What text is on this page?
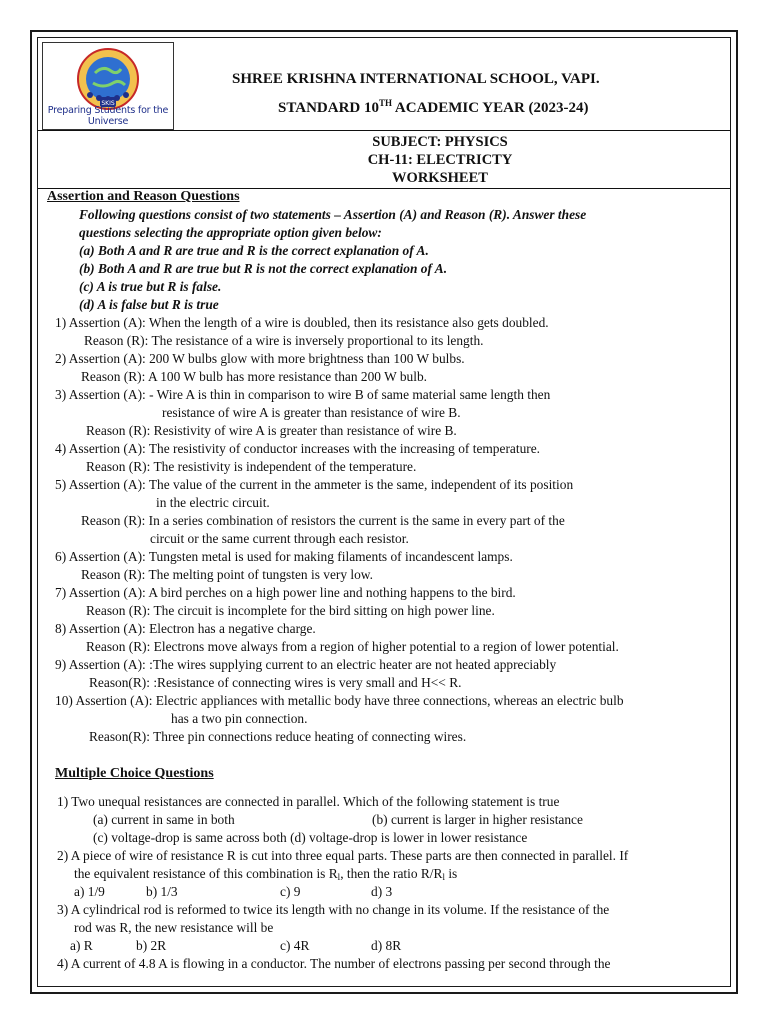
SKIS
Preparing Students for the Universe
SHREE KRISHNA INTERNATIONAL SCHOOL, VAPI.
STANDARD 10TH ACADEMIC YEAR (2023-24)
SUBJECT: PHYSICS
CH-11: ELECTRICTY
WORKSHEET
Assertion and Reason Questions
Following questions consist of two statements – Assertion (A) and Reason (R). Answer these
questions selecting the appropriate option given below:
(a) Both A and R are true and R is the correct explanation of A.
(b) Both A and R are true but R is not the correct explanation of A.
(c) A is true but R is false.
(d) A is false but R is true
1) Assertion (A): When the length of a wire is doubled, then its resistance also gets doubled.
Reason (R): The resistance of a wire is inversely proportional to its length.
2) Assertion (A): 200 W bulbs glow with more brightness than 100 W bulbs.
Reason (R): A 100 W bulb has more resistance than 200 W bulb.
3) Assertion (A): - Wire A is thin in comparison to wire B of same material same length then
resistance of wire A is greater than resistance of wire B.
Reason (R): Resistivity of wire A is greater than resistance of wire B.
4) Assertion (A): The resistivity of conductor increases with the increasing of temperature.
Reason (R): The resistivity is independent of the temperature.
5) Assertion (A): The value of the current in the ammeter is the same, independent of its position
in the electric circuit.
Reason (R): In a series combination of resistors the current is the same in every part of the
circuit or the same current through each resistor.
6) Assertion (A): Tungsten metal is used for making filaments of incandescent lamps.
Reason (R): The melting point of tungsten is very low.
7) Assertion (A): A bird perches on a high power line and nothing happens to the bird.
Reason (R): The circuit is incomplete for the bird sitting on high power line.
8) Assertion (A): Electron has a negative charge.
Reason (R): Electrons move always from a region of higher potential to a region of lower potential.
9) Assertion (A): :The wires supplying current to an electric heater are not heated appreciably
Reason(R): :Resistance of connecting wires is very small and H<< R.
10) Assertion (A): Electric appliances with metallic body have three connections, whereas an electric bulb
has a two pin connection.
Reason(R): Three pin connections reduce heating of connecting wires.
Multiple Choice Questions
1) Two unequal resistances are connected in parallel. Which of the following statement is true
(a) current in same in both	(b) current is larger in higher resistance
(c) voltage-drop is same across both (d) voltage-drop is lower in lower resistance
2) A piece of wire of resistance R is cut into three equal parts. These parts are then connected in parallel. If
the equivalent resistance of this combination is $R_l$, then the ratio $R/R_l$ is
a) 1/9	b) 1/3	c) 9	d) 3
3) A cylindrical rod is reformed to twice its length with no change in its volume. If the resistance of the
rod was R, the new resistance will be
a) R	b) 2R	c) 4R	d) 8R
4) A current of 4.8 A is flowing in a conductor. The number of electrons passing per second through the
